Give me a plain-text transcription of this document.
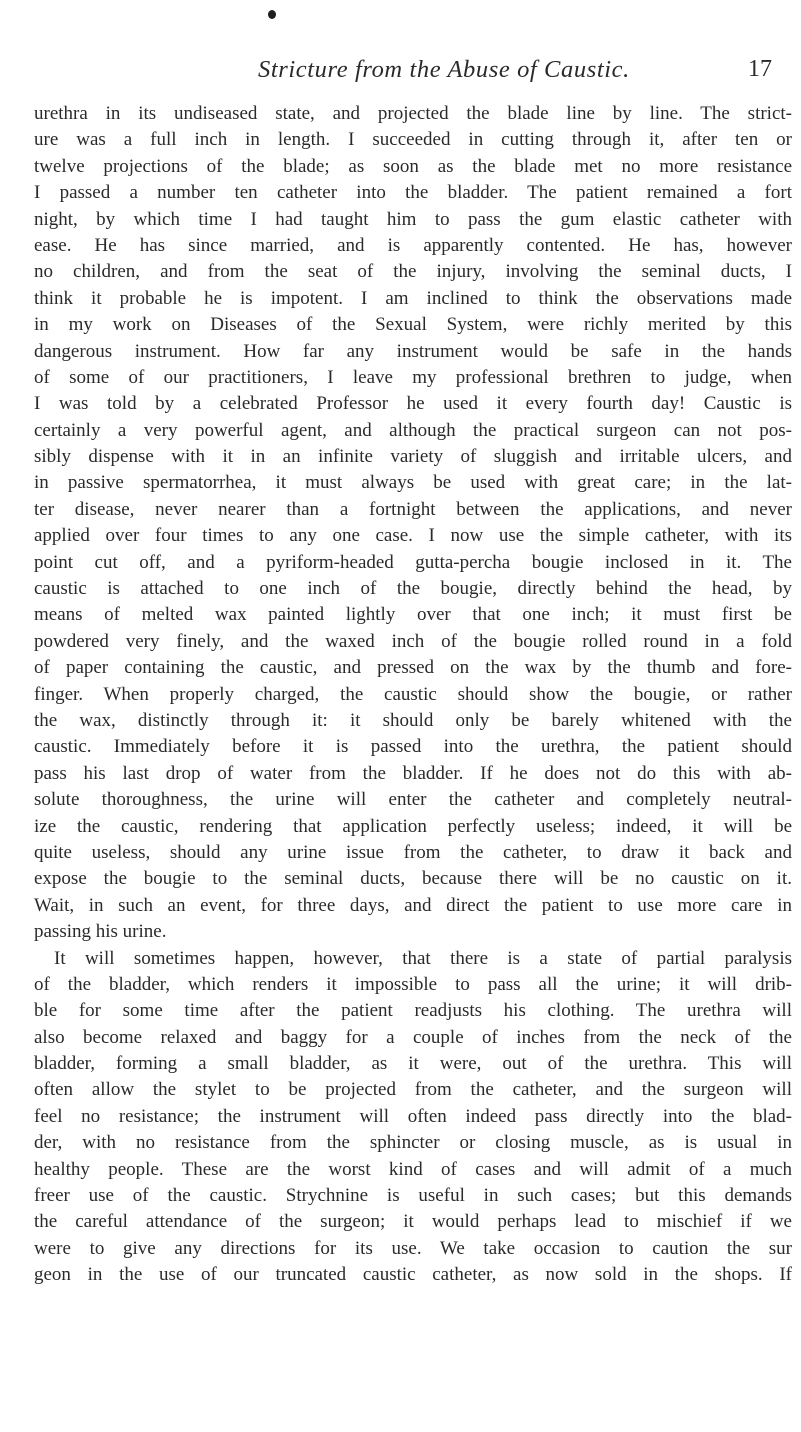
Stricture from the Abuse of Caustic.	17
urethra in its undiseased state, and projected the blade line by line. The strict-
ure was a full inch in length. I succeeded in cutting through it, after ten or
twelve projections of the blade; as soon as the blade met no more resistance
I passed a number ten catheter into the bladder. The patient remained a fort
night, by which time I had taught him to pass the gum elastic catheter with
ease. He has since married, and is apparently contented. He has, however
no children, and from the seat of the injury, involving the seminal ducts, I
think it probable he is impotent. I am inclined to think the observations made
in my work on Diseases of the Sexual System, were richly merited by this
dangerous instrument. How far any instrument would be safe in the hands
of some of our practitioners, I leave my professional brethren to judge, when
I was told by a celebrated Professor he used it every fourth day! Caustic is
certainly a very powerful agent, and although the practical surgeon can not pos-
sibly dispense with it in an infinite variety of sluggish and irritable ulcers, and
in passive spermatorrhea, it must always be used with great care; in the lat-
ter disease, never nearer than a fortnight between the applications, and never
applied over four times to any one case. I now use the simple catheter, with its
point cut off, and a pyriform-headed gutta-percha bougie inclosed in it. The
caustic is attached to one inch of the bougie, directly behind the head, by
means of melted wax painted lightly over that one inch; it must first be
powdered very finely, and the waxed inch of the bougie rolled round in a fold
of paper containing the caustic, and pressed on the wax by the thumb and fore-
finger. When properly charged, the caustic should show the bougie, or rather
the wax, distinctly through it: it should only be barely whitened with the
caustic. Immediately before it is passed into the urethra, the patient should
pass his last drop of water from the bladder. If he does not do this with ab-
solute thoroughness, the urine will enter the catheter and completely neutral-
ize the caustic, rendering that application perfectly useless; indeed, it will be
quite useless, should any urine issue from the catheter, to draw it back and
expose the bougie to the seminal ducts, because there will be no caustic on it.
Wait, in such an event, for three days, and direct the patient to use more care in
passing his urine.
It will sometimes happen, however, that there is a state of partial paralysis
of the bladder, which renders it impossible to pass all the urine; it will drib-
ble for some time after the patient readjusts his clothing. The urethra will
also become relaxed and baggy for a couple of inches from the neck of the
bladder, forming a small bladder, as it were, out of the urethra. This will
often allow the stylet to be projected from the catheter, and the surgeon will
feel no resistance; the instrument will often indeed pass directly into the blad-
der, with no resistance from the sphincter or closing muscle, as is usual in
healthy people. These are the worst kind of cases and will admit of a much
freer use of the caustic. Strychnine is useful in such cases; but this demands
the careful attendance of the surgeon; it would perhaps lead to mischief if we
were to give any directions for its use. We take occasion to caution the sur
geon in the use of our truncated caustic catheter, as now sold in the shops. If
